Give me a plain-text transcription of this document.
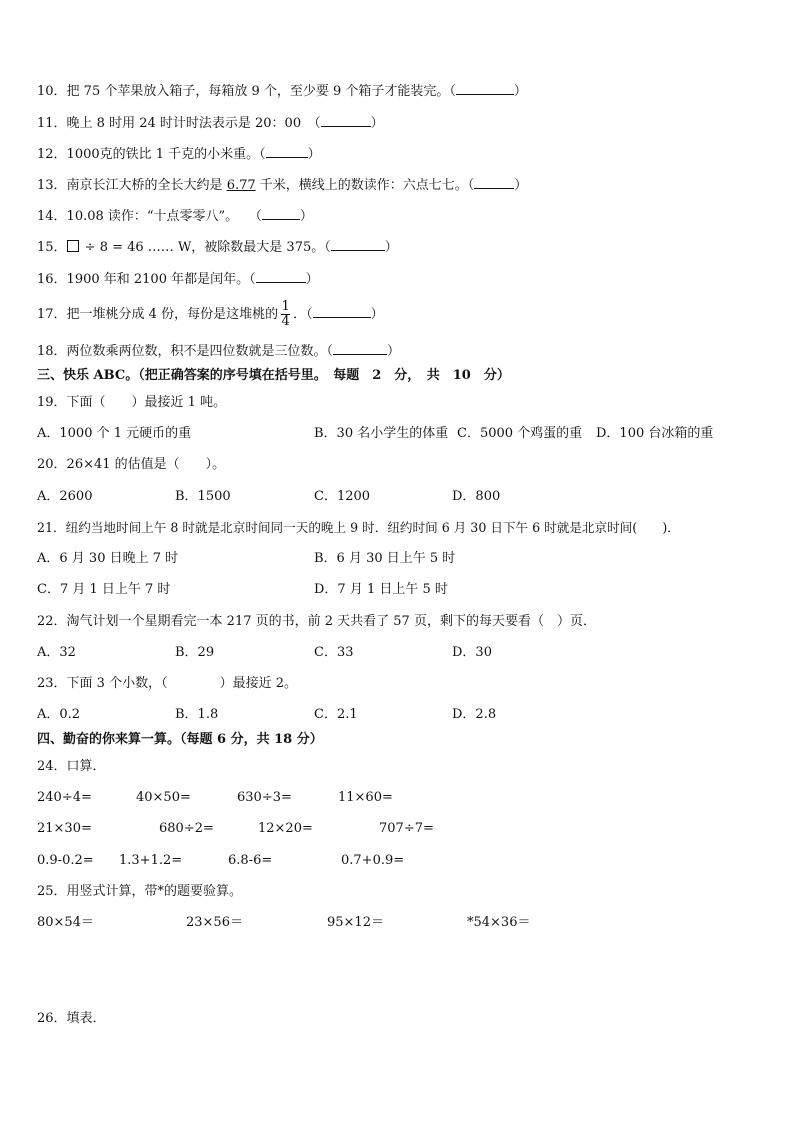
10．把 75 个苹果放入箱子，每箱放 9 个，至少要 9 个箱子才能装完。（	）
11．晚上 8 时用 24 时计时法表示是 20：00　（	）
12．1000克的铁比 1 千克的小米重。（	）
13．南京长江大桥的全长大约是 6.77 千米，横线上的数读作：六点七七。（	）
14．10.08 读作：“十点零零八”。　 （	）
15． ÷ 8 = 46 …… W，被除数最大是 375。（	）
16．1900 年和 2100 年都是闰年。（	）
17．把一堆桃分成 4 份，每份是这堆桃的 $\frac{1}{4}$ ．（	）
18．两位数乘两位数，积不是四位数就是三位数。（	）
三、快乐 ABC。（把正确答案的序号填在括号里。　每题　2　分，　共　10　分）
19．下面（　　）最接近 1 吨。
A．1000 个 1 元硬币的重	B．30 名小学生的体重 C．5000 个鸡蛋的重 D．100 台冰箱的重
20．26×41 的估值是（　　）。
A．2600	B．1500	C．1200	D．800
21．纽约当地时间上午 8 时就是北京时间同一天的晚上 9 时．纽约时间 6 月 30 日下午 6 时就是北京时间(　　)．
A．6 月 30 日晚上 7 时	B．6 月 30 日上午 5 时
C．7 月 1 日上午 7 时	D．7 月 1 日上午 5 时
22．淘气计划一个星期看完一本 217 页的书，前 2 天共看了 57 页，剩下的每天要看（　）页．
A．32	B．29	C．33	D．30
23．下面 3 个小数，（　　　　）最接近 2。
A．0.2	B．1.8	C．2.1	D．2.8
四、勤奋的你来算一算。（每题 6 分，共 18 分）
24．口算．
240÷4=	40×50=	630÷3=	11×60=
21×30=	680÷2=	12×20=	707÷7=
0.9-0.2= 1.3+1.2=	6.8-6=	0.7+0.9=
25．用竖式计算，带*的题要验算。
80×54＝	23×56＝	95×12＝	*54×36＝
26．填表．
